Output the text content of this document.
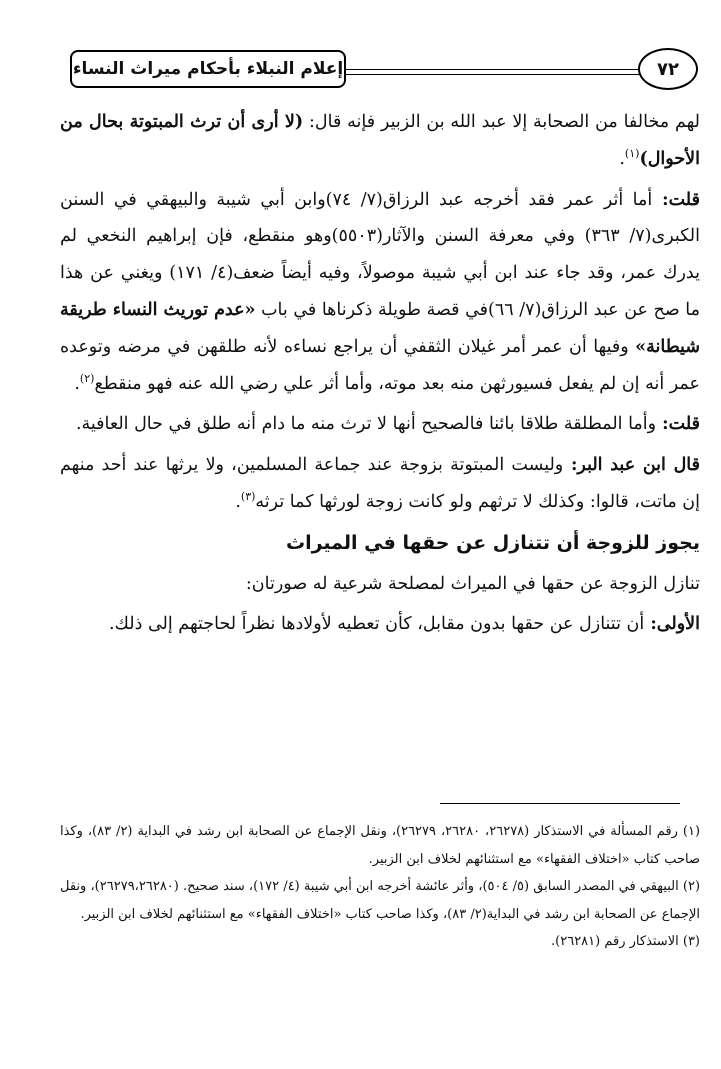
إعلام النبلاء بأحكام ميراث النساء	٧٢

لهم مخالفا من الصحابة إلا عبد الله بن الزبير فإنه قال: (لا أرى أن ترث المبتوتة بحال من الأحوال)$^{(١)}$.

قلت: أما أثر عمر فقد أخرجه عبد الرزاق(٧/ ٧٤)وابن أبي شيبة والبيهقي في السنن الكبرى(٧/ ٣٦٣) وفي معرفة السنن والآثار(٥٥٠٣)وهو منقطع، فإن إبراهيم النخعي لم يدرك عمر، وقد جاء عند ابن أبي شيبة موصولاً، وفيه أيضاً ضعف(٤/ ١٧١) ويغني عن هذا ما صح عن عبد الرزاق(٧/ ٦٦)في قصة طويلة ذكرناها في باب «عدم توريث النساء طريقة شيطانة» وفيها أن عمر أمر غيلان الثقفي أن يراجع نساءه لأنه طلقهن في مرضه وتوعده عمر أنه إن لم يفعل فسيورثهن منه بعد موته، وأما أثر علي رضي الله عنه فهو منقطع$^{(٢)}$.

قلت: وأما المطلقة طلاقا بائنا فالصحيح أنها لا ترث منه ما دام أنه طلق في حال العافية.

قال ابن عبد البر: وليست المبتوتة بزوجة عند جماعة المسلمين، ولا يرثها عند أحد منهم إن ماتت، قالوا: وكذلك لا ترثهم ولو كانت زوجة لورثها كما ترثه$^{(٣)}$.

يجوز للزوجة أن تتنازل عن حقها في الميراث

تنازل الزوجة عن حقها في الميراث لمصلحة شرعية له صورتان:

الأولى: أن تتنازل عن حقها بدون مقابل، كأن تعطيه لأولادها نظراً لحاجتهم إلى ذلك.

(١) رقم المسألة في الاستذكار (٢٦٢٧٨، ٢٦٢٨٠، ٢٦٢٧٩)، ونقل الإجماع عن الصحابة ابن رشد في البداية (٢/ ٨٣)، وكذا صاحب كتاب «اختلاف الفقهاء» مع استثنائهم لخلاف ابن الزبير.

(٢) البيهقي في المصدر السابق (٥/ ٥٠٤)، وأثر عائشة أخرجه ابن أبي شيبة (٤/ ١٧٢)، سند صحيح. (٢٦٢٧٩،٢٦٢٨٠)، ونقل الإجماع عن الصحابة ابن رشد في البداية(٢/ ٨٣)، وكذا صاحب كتاب «اختلاف الفقهاء» مع استثنائهم لخلاف ابن الزبير.

(٣) الاستذكار رقم (٢٦٢٨١).
